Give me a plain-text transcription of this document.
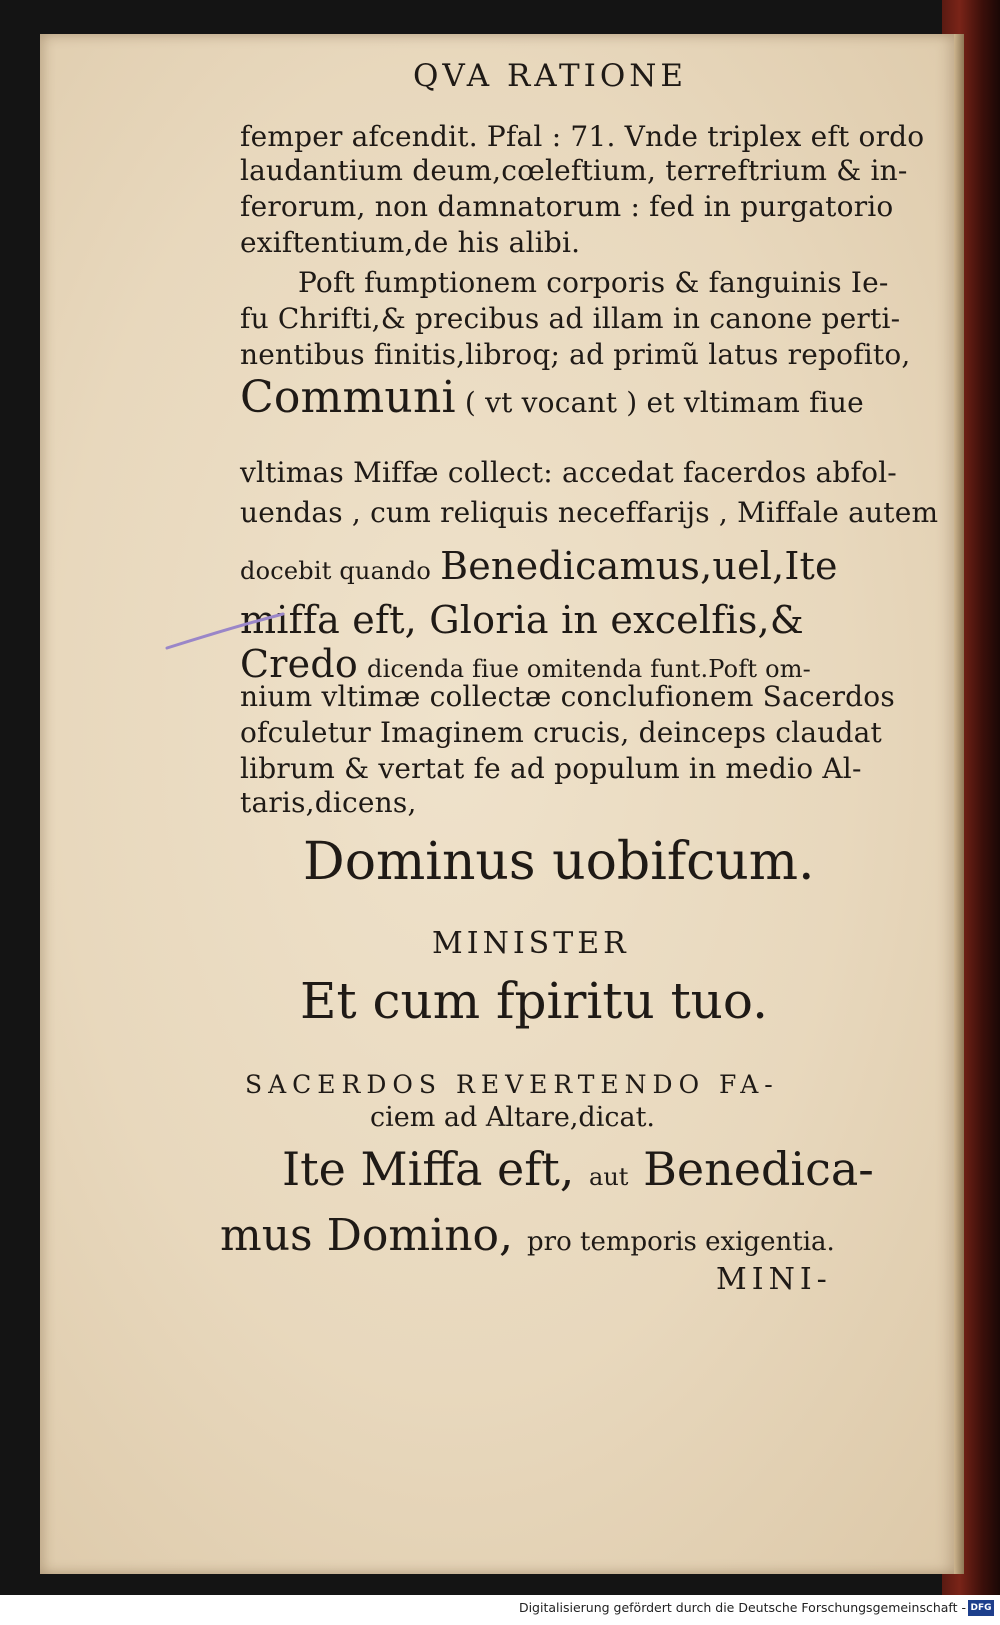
QVA RATIONE
femper afcendit. Pfal : 71. Vnde triplex eft ordo
laudantium deum,cœleftium, terreftrium & in-
ferorum, non damnatorum : fed in purgatorio
exiftentium,de his alibi.
Poft fumptionem corporis & fanguinis Ie-
fu Chrifti,& precibus ad illam in canone perti-
nentibus finitis,libroq; ad primũ latus repofito,
Communi ( vt vocant ) et vltimam fiue
vltimas Miffæ collect: accedat facerdos abfol-
uendas , cum reliquis neceffarijs , Miffale autem
docebit quando Benedicamus,uel,Ite
miffa eft, Gloria in excelfis,&
Credo dicenda fiue omitenda funt.Poft om-
nium vltimæ collectæ conclufionem Sacerdos
ofculetur Imaginem crucis, deinceps claudat
librum & vertat fe ad populum in medio Al-
taris,dicens,
Dominus uobifcum.
MINISTER
Et cum fpiritu tuo.
SACERDOS REVERTENDO FA-
ciem ad Altare,dicat.
Ite Miffa eft, aut Benedica-
mus Domino, pro temporis exigentia.
MINI-
Digitalisierung gefördert durch die Deutsche Forschungsgemeinschaft - DFG
